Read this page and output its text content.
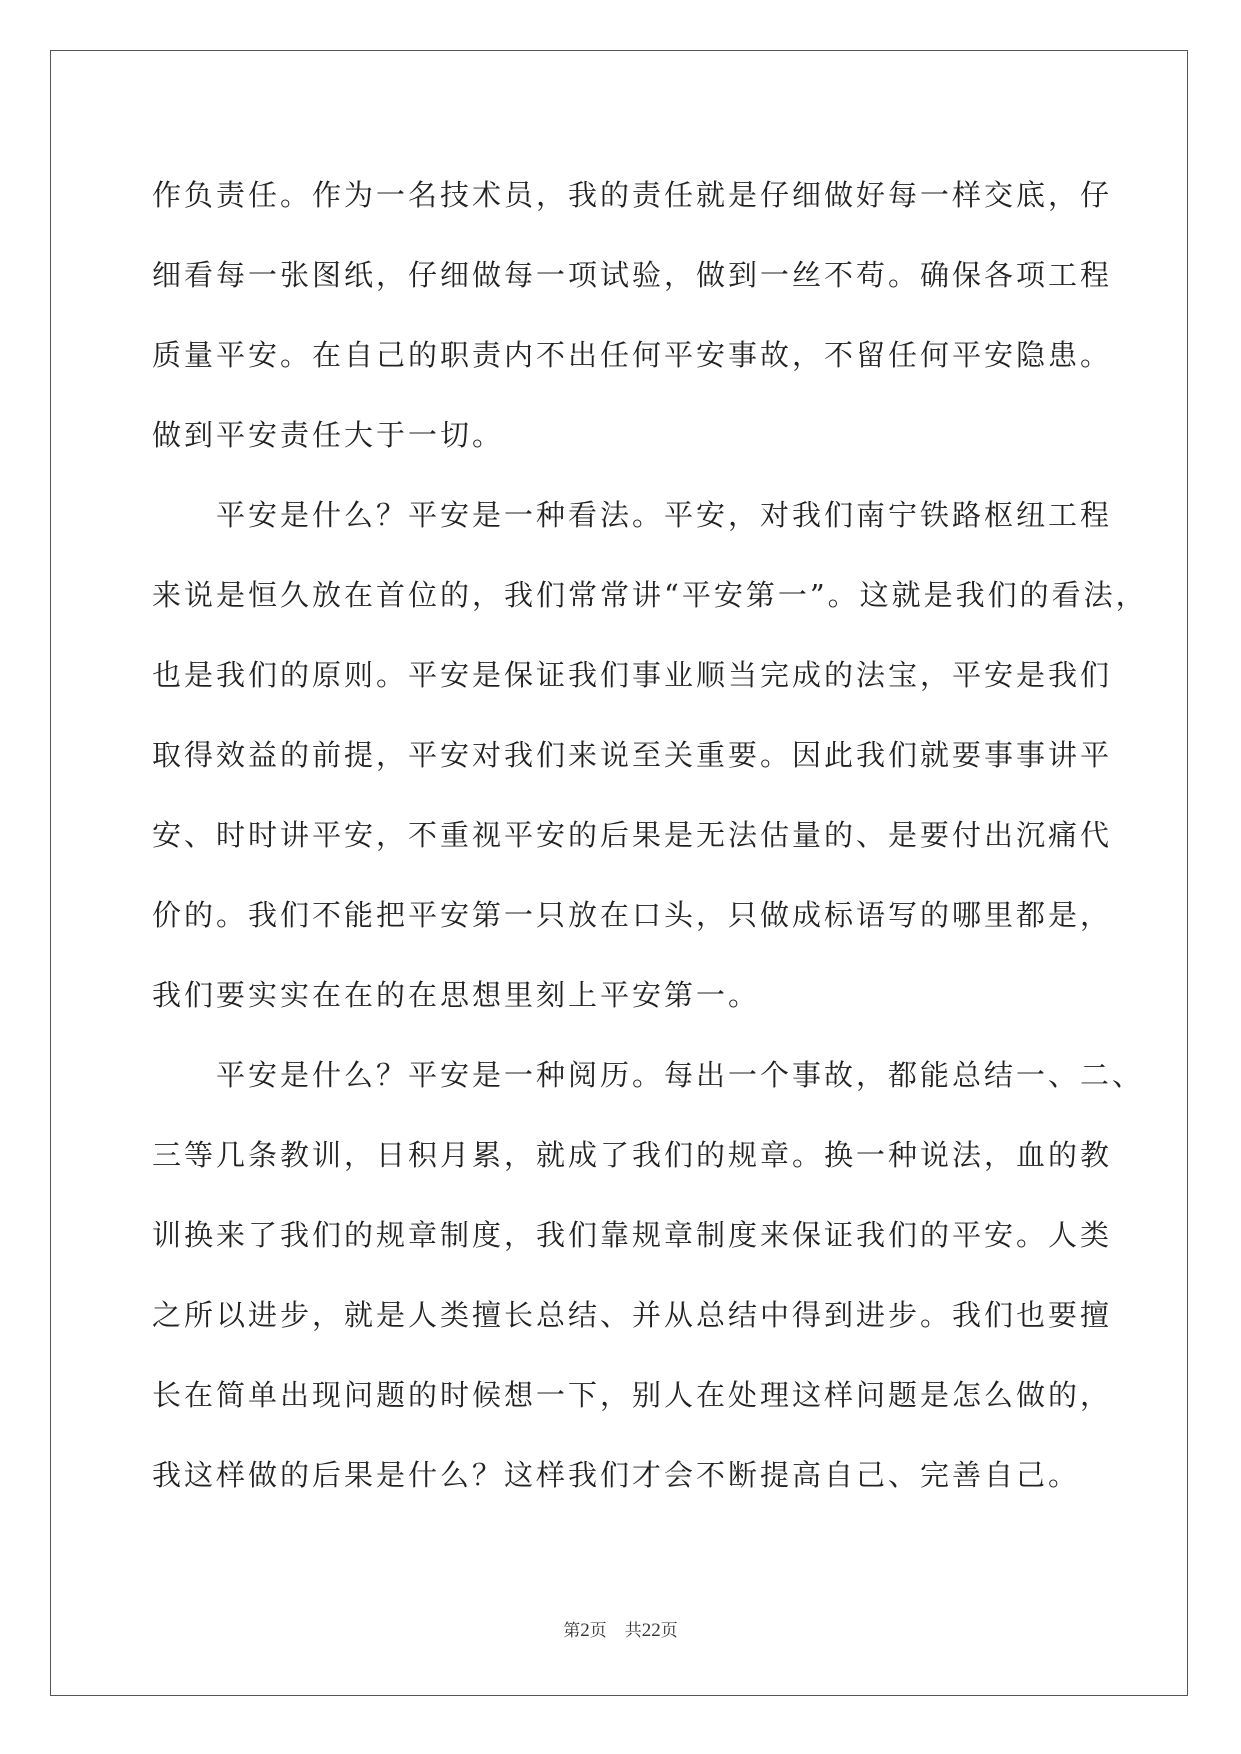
作负责任。作为一名技术员，我的责任就是仔细做好每一样交底，仔
细看每一张图纸，仔细做每一项试验，做到一丝不苟。确保各项工程
质量平安。在自己的职责内不出任何平安事故，不留任何平安隐患。
做到平安责任大于一切。
　　平安是什么？平安是一种看法。平安，对我们南宁铁路枢纽工程
来说是恒久放在首位的，我们常常讲“平安第一”。这就是我们的看法，
也是我们的原则。平安是保证我们事业顺当完成的法宝，平安是我们
取得效益的前提，平安对我们来说至关重要。因此我们就要事事讲平
安、时时讲平安，不重视平安的后果是无法估量的、是要付出沉痛代
价的。我们不能把平安第一只放在口头，只做成标语写的哪里都是，
我们要实实在在的在思想里刻上平安第一。
　　平安是什么？平安是一种阅历。每出一个事故，都能总结一、二、
三等几条教训，日积月累，就成了我们的规章。换一种说法，血的教
训换来了我们的规章制度，我们靠规章制度来保证我们的平安。人类
之所以进步，就是人类擅长总结、并从总结中得到进步。我们也要擅
长在简单出现问题的时候想一下，别人在处理这样问题是怎么做的，
我这样做的后果是什么？这样我们才会不断提高自己、完善自己。
第2页 共22页
